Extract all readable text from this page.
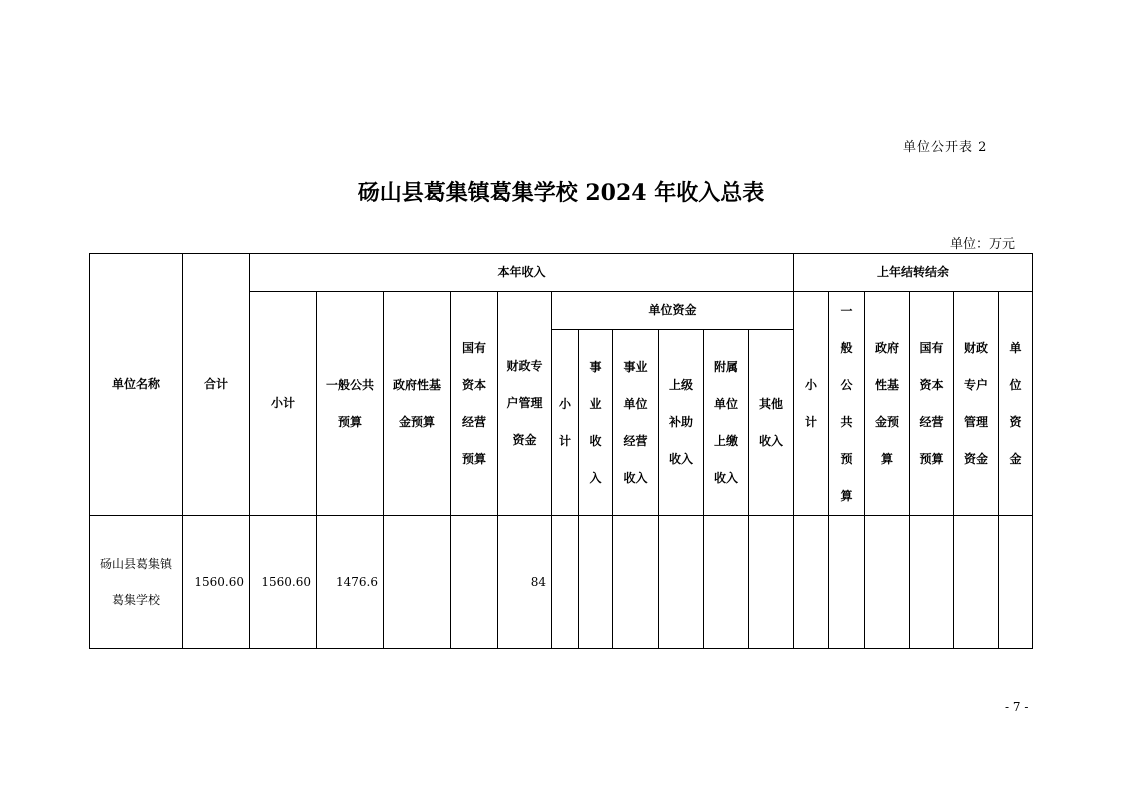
单位公开表 2
砀山县葛集镇葛集学校 2024 年收入总表
单位：万元
单位名称	合计	本年收入											上年结转结余					
		小计	一般公共预算	政府性基金预算	国有资本经营预算	财政专户管理资金	单位资金						小计	一般公共预算	政府性基金预算	国有资本经营预算	财政专户管理资金	单位资金

							小计	事业收入	事业单位经营收入	上级补助收入	附属单位上缴收入	其他收入						

砀山县葛集镇葛集学校	1560.60	1560.60	1476.6			84												
- 7 -
